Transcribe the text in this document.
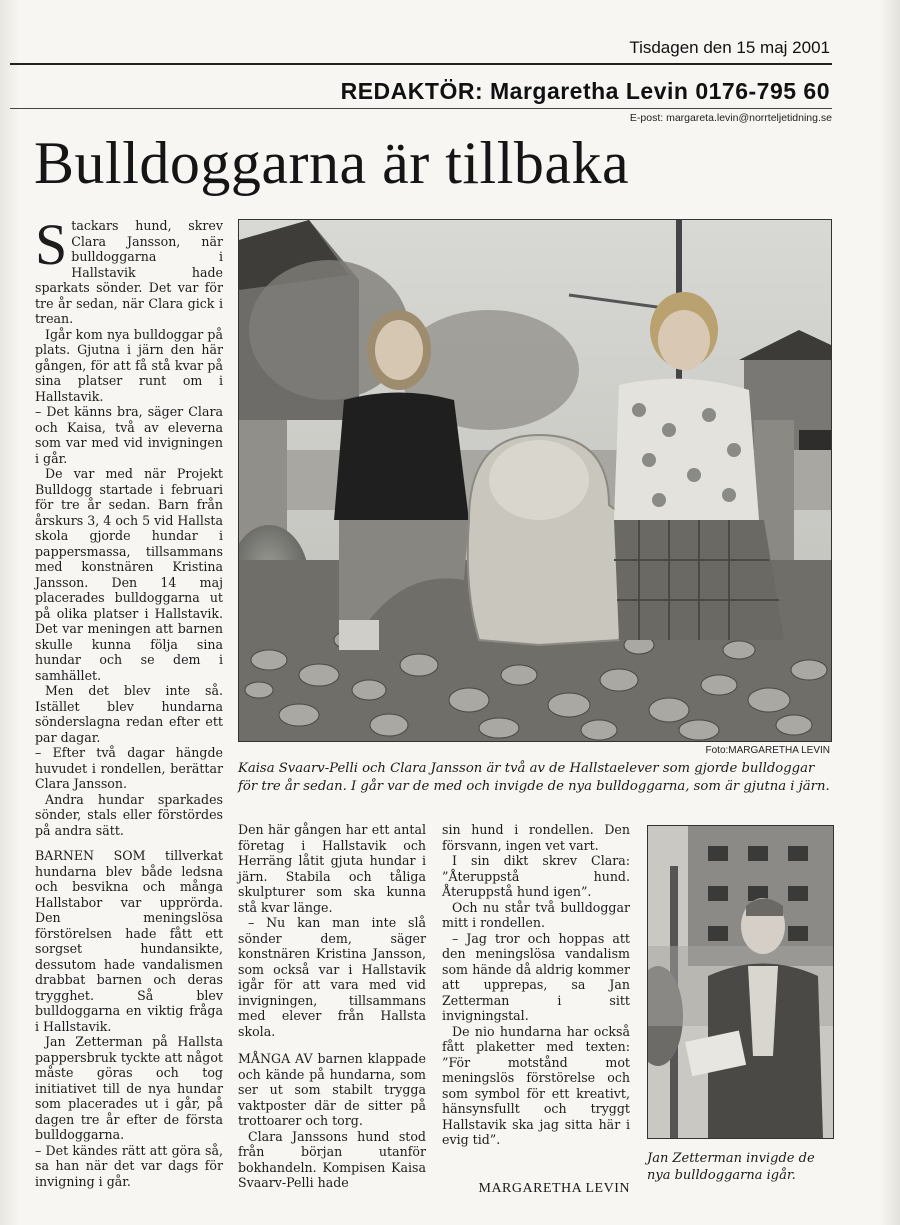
Tisdagen den 15 maj 2001
REDAKTÖR: Margaretha Levin 0176-795 60
E-post: margareta.levin@norrteljetidning.se
Bulldoggarna är tillbaka
S tackars hund, skrev Clara Jansson, när bulldoggarna i Hallstavik hade sparkats sönder. Det var för tre år sedan, när Clara gick i trean.

Igår kom nya bulldoggar på plats. Gjutna i järn den här gången, för att få stå kvar på sina platser runt om i Hallstavik.

– Det känns bra, säger Clara och Kaisa, två av eleverna som var med vid invigningen i går.

De var med när Projekt Bulldogg startade i februari för tre år sedan. Barn från årskurs 3, 4 och 5 vid Hallsta skola gjorde hundar i pappersmassa, tillsammans med konstnären Kristina Jansson. Den 14 maj placerades bulldoggarna ut på olika platser i Hallstavik. Det var meningen att barnen skulle kunna följa sina hundar och se dem i samhället.

Men det blev inte så. Istället blev hundarna sönderslagna redan efter ett par dagar.

– Efter två dagar hängde huvudet i rondellen, berättar Clara Jansson.

Andra hundar sparkades sönder, stals eller förstördes på andra sätt.

BARNEN SOM tillverkat hundarna blev både ledsna och besvikna och många Hallstabor var upprörda. Den meningslösa förstörelsen hade fått ett sorgset hundansikte, dessutom hade vandalismen drabbat barnen och deras trygghet. Så blev bulldoggarna en viktig fråga i Hallstavik.

Jan Zetterman på Hallsta pappersbruk tyckte att något måste göras och tog initiativet till de nya hundar som placerades ut i går, på dagen tre år efter de första bulldoggarna.

– Det kändes rätt att göra så, sa han när det var dags för invigning i går.

Foto:MARGARETHA LEVIN
Kaisa Svaarv-Pelli och Clara Jansson är två av de Hallstaelever som gjorde bulldoggar för tre år sedan. I går var de med och invigde de nya bulldoggarna, som är gjutna i järn.

Den här gången har ett antal företag i Hallstavik och Herräng låtit gjuta hundar i järn. Stabila och tåliga skulpturer som ska kunna stå kvar länge.

– Nu kan man inte slå sönder dem, säger konstnären Kristina Jansson, som också var i Hallstavik igår för att vara med vid invigningen, tillsammans med elever från Hallsta skola.

MÅNGA AV barnen klappade och kände på hundarna, som ser ut som stabilt trygga vaktposter där de sitter på trottoarer och torg.

Clara Janssons hund stod från början utanför bokhandeln. Kompisen Kaisa Svaarv-Pelli hade

sin hund i rondellen. Den försvann, ingen vet vart.

I sin dikt skrev Clara: ”Återuppstå hund. Återuppstå hund igen”.

Och nu står två bulldoggar mitt i rondellen.

– Jag tror och hoppas att den meningslösa vandalism som hände då aldrig kommer att upprepas, sa Jan Zetterman i sitt invigningstal.

De nio hundarna har också fått plaketter med texten: ”För motstånd mot meningslös förstörelse och som symbol för ett kreativt, hänsynsfullt och tryggt Hallstavik ska jag sitta här i evig tid”.

MARGARETHA LEVIN
Jan Zetterman invigde de nya bulldoggarna igår.
